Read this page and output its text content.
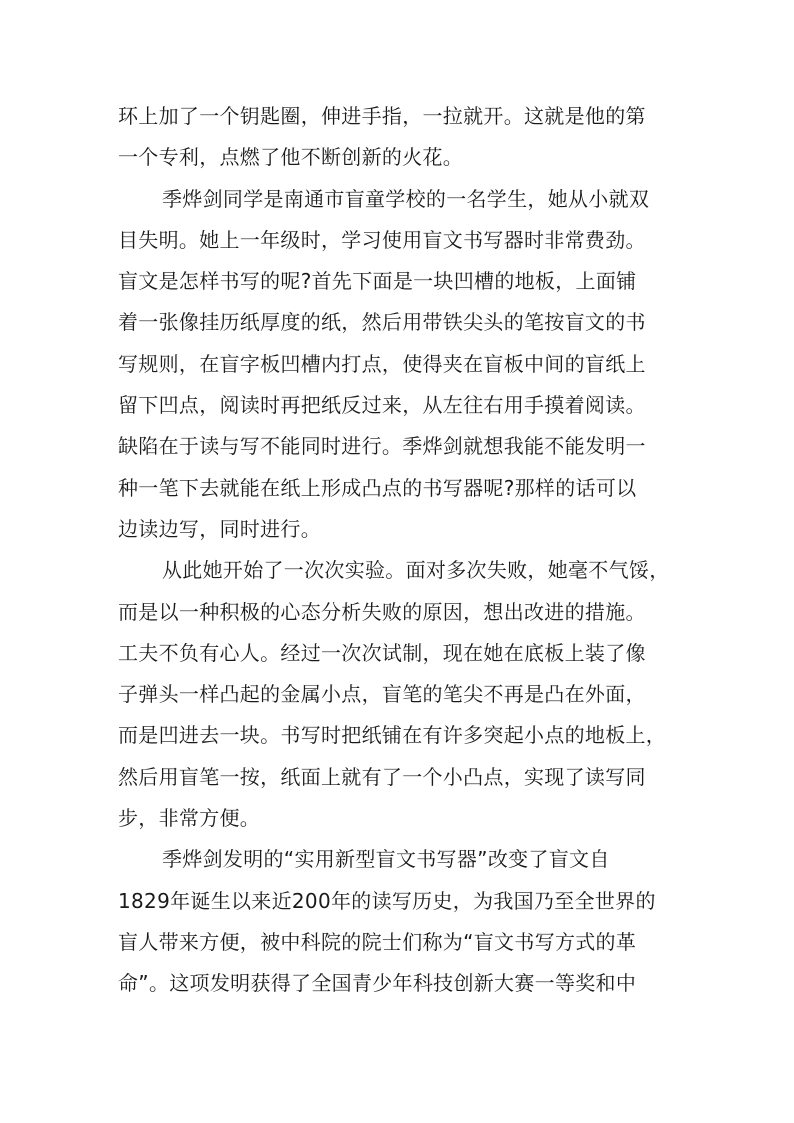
环上加了一个钥匙圈，伸进手指，一拉就开。这就是他的第
一个专利，点燃了他不断创新的火花。
季烨剑同学是南通市盲童学校的一名学生，她从小就双
目失明。她上一年级时，学习使用盲文书写器时非常费劲。
盲文是怎样书写的呢?首先下面是一块凹槽的地板，上面铺
着一张像挂历纸厚度的纸，然后用带铁尖头的笔按盲文的书
写规则，在盲字板凹槽内打点，使得夹在盲板中间的盲纸上
留下凹点，阅读时再把纸反过来，从左往右用手摸着阅读。
缺陷在于读与写不能同时进行。季烨剑就想我能不能发明一
种一笔下去就能在纸上形成凸点的书写器呢?那样的话可以
边读边写，同时进行。
从此她开始了一次次实验。面对多次失败，她毫不气馁，
而是以一种积极的心态分析失败的原因，想出改进的措施。
工夫不负有心人。经过一次次试制，现在她在底板上装了像
子弹头一样凸起的金属小点，盲笔的笔尖不再是凸在外面，
而是凹进去一块。书写时把纸铺在有许多突起小点的地板上，
然后用盲笔一按，纸面上就有了一个小凸点，实现了读写同
步，非常方便。
季烨剑发明的“实用新型盲文书写器”改变了盲文自
1829年诞生以来近200年的读写历史，为我国乃至全世界的
盲人带来方便，被中科院的院士们称为“盲文书写方式的革
命”。这项发明获得了全国青少年科技创新大赛一等奖和中
